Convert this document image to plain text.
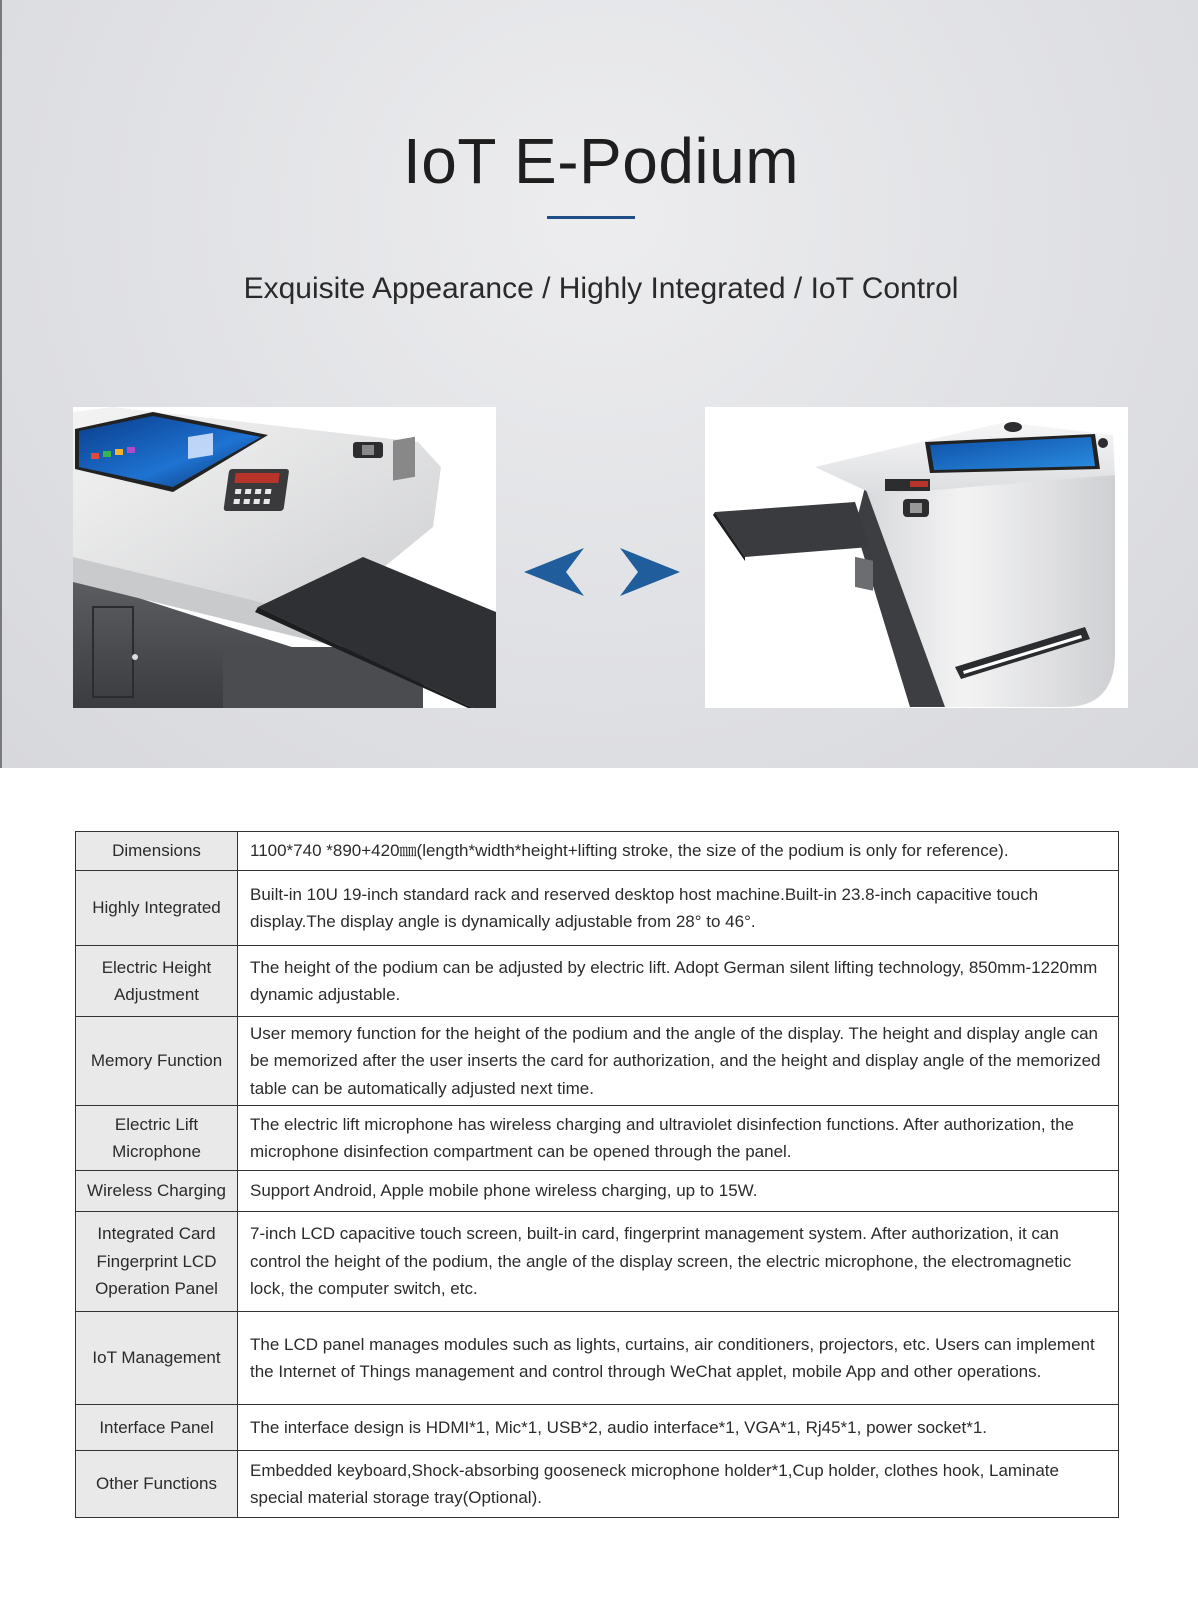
IoT E-Podium
Exquisite Appearance / Highly Integrated / IoT Control
Dimensions	1100*740 *890+420㎜(length*width*height+lifting stroke, the size of the podium is only for reference).
Highly Integrated	Built-in 10U 19-inch standard rack and reserved desktop host machine.Built-in 23.8-inch capacitive touch display.The display angle is dynamically adjustable from 28° to 46°.
Electric Height Adjustment	The height of the podium can be adjusted by electric lift. Adopt German silent lifting technology, 850mm-1220mm dynamic adjustable.
Memory Function	User memory function for the height of the podium and the angle of the display. The height and display angle can be memorized after the user inserts the card for authorization, and the height and display angle of the memorized table can be automatically adjusted next time.
Electric Lift Microphone	The electric lift microphone has wireless charging and ultraviolet disinfection functions. After authorization, the microphone disinfection compartment can be opened through the panel.
Wireless Charging	Support Android, Apple mobile phone wireless charging, up to 15W.
Integrated Card Fingerprint LCD Operation Panel	7-inch LCD capacitive touch screen, built-in card, fingerprint management system. After authorization, it can control the height of the podium, the angle of the display screen, the electric microphone, the electromagnetic lock, the computer switch, etc.
IoT Management	The LCD panel manages modules such as lights, curtains, air conditioners, projectors, etc. Users can implement the Internet of Things management and control through WeChat applet, mobile App and other operations.
Interface Panel	The interface design is HDMI*1, Mic*1, USB*2, audio interface*1, VGA*1, Rj45*1, power socket*1.
Other Functions	Embedded keyboard,Shock-absorbing gooseneck microphone holder*1,Cup holder, clothes hook, Laminate special material storage tray(Optional).
